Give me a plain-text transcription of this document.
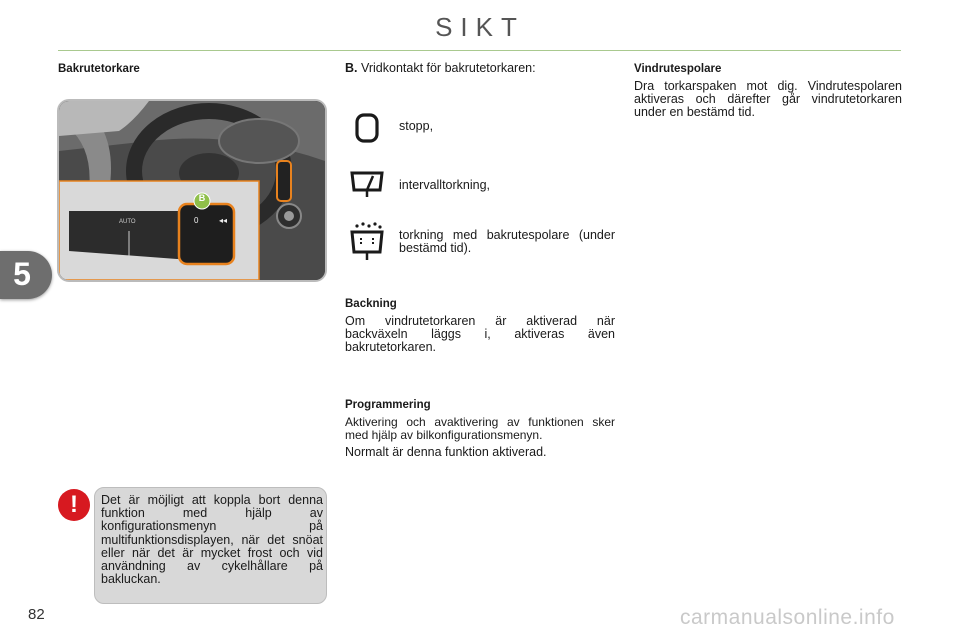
SIKT
5
Bakrutetorkare
0	◂◂
AUTO
B
!	Det är möjligt att koppla bort denna funktion med hjälp av konfigurationsmenyn på multifunktionsdisplayen, när det snöat eller när det är mycket frost och vid användning av cykelhållare på bakluckan.
B. Vridkontakt för bakrutetorkaren:
stopp,
intervalltorkning,
torkning med bakrutespolare (under bestämd tid).
Backning
Om vindrutetorkaren är aktiverad när backväxeln läggs i, aktiveras även bakrutetorkaren.
Programmering
Aktivering och avaktivering av funktionen sker med hjälp av bilkonfigurationsmenyn.
Normalt är denna funktion aktiverad.
Vindrutespolare
Dra torkarspaken mot dig. Vindrutespolaren aktiveras och därefter går vindrutetorkaren under en bestämd tid.
82	carmanualsonline.info
